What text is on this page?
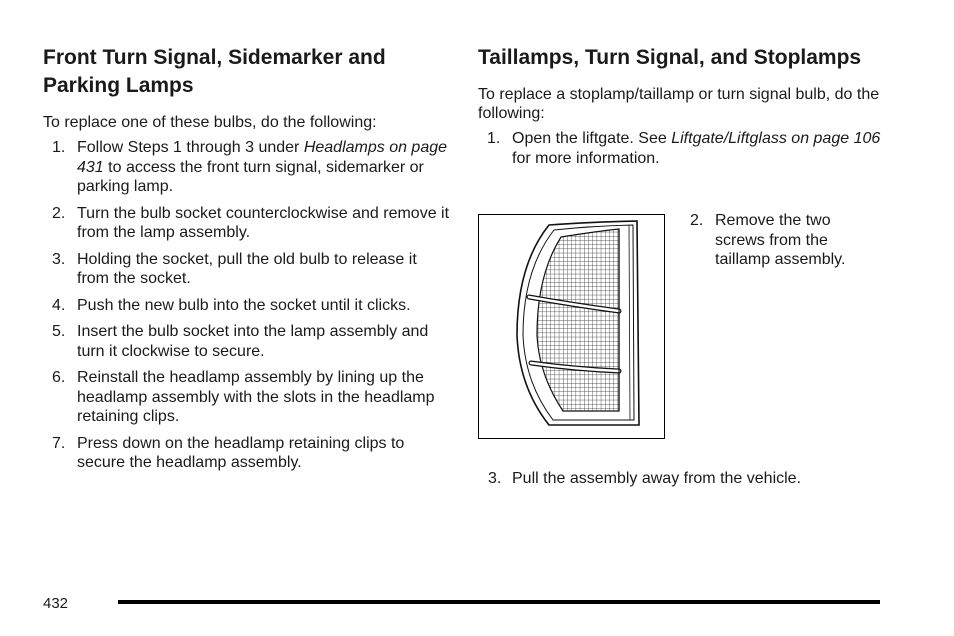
Front Turn Signal, Sidemarker and Parking Lamps

To replace one of these bulbs, do the following:

1. Follow Steps 1 through 3 under Headlamps on page 431 to access the front turn signal, sidemarker or parking lamp.
2. Turn the bulb socket counterclockwise and remove it from the lamp assembly.
3. Holding the socket, pull the old bulb to release it from the socket.
4. Push the new bulb into the socket until it clicks.
5. Insert the bulb socket into the lamp assembly and turn it clockwise to secure.
6. Reinstall the headlamp assembly by lining up the headlamp assembly with the slots in the headlamp retaining clips.
7. Press down on the headlamp retaining clips to secure the headlamp assembly.
Taillamps, Turn Signal, and Stoplamps

To replace a stoplamp/taillamp or turn signal bulb, do the following:

1. Open the liftgate. See Liftgate/Liftglass on page 106 for more information.
2. Remove the two screws from the taillamp assembly.
3. Pull the assembly away from the vehicle.
432
